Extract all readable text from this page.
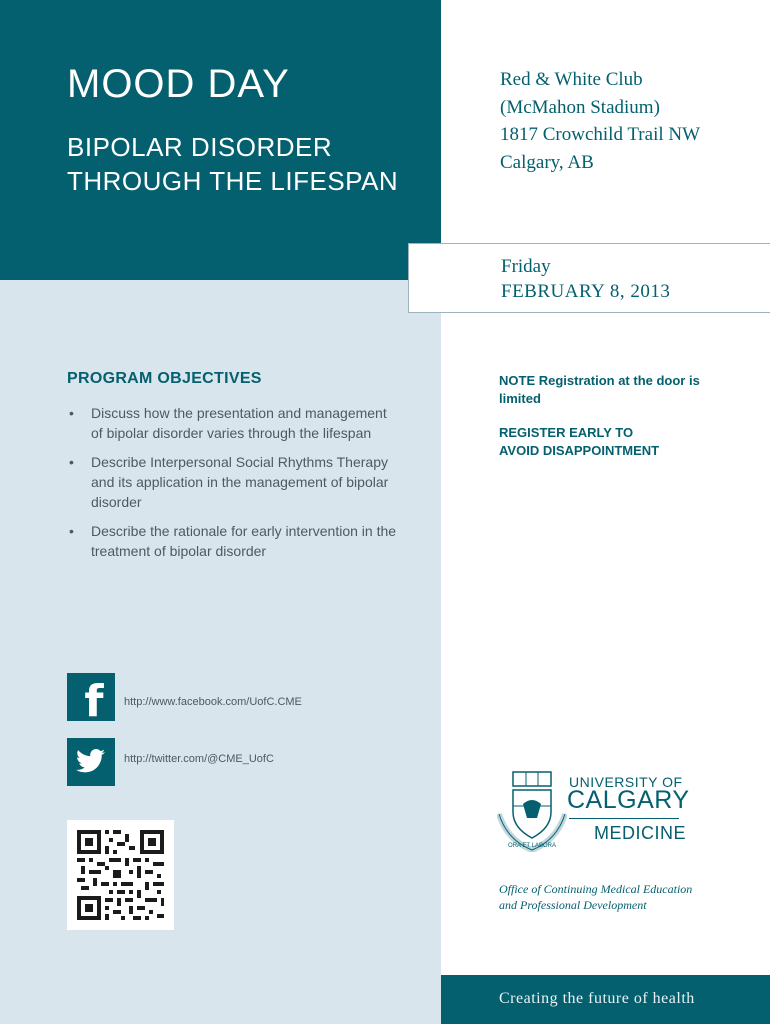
MOOD DAY
BIPOLAR DISORDER
THROUGH THE LIFESPAN
Red & White Club
(McMahon Stadium)
1817 Crowchild Trail NW
Calgary, AB
Friday
FEBRUARY 8, 2013
PROGRAM OBJECTIVES
• Discuss how the presentation and management of bipolar disorder varies through the lifespan
• Describe Interpersonal Social Rhythms Therapy and its application in the management of bipolar disorder
• Describe the rationale for early intervention in the treatment of bipolar disorder
NOTE Registration at the door is limited
REGISTER EARLY TO
AVOID DISAPPOINTMENT
f http://www.facebook.com/UofC.CME
http://twitter.com/@CME_UofC
ORA ET LABORA
UNIVERSITY OF
CALGARY
MEDICINE
Office of Continuing Medical Education
and Professional Development
Creating the future of health
